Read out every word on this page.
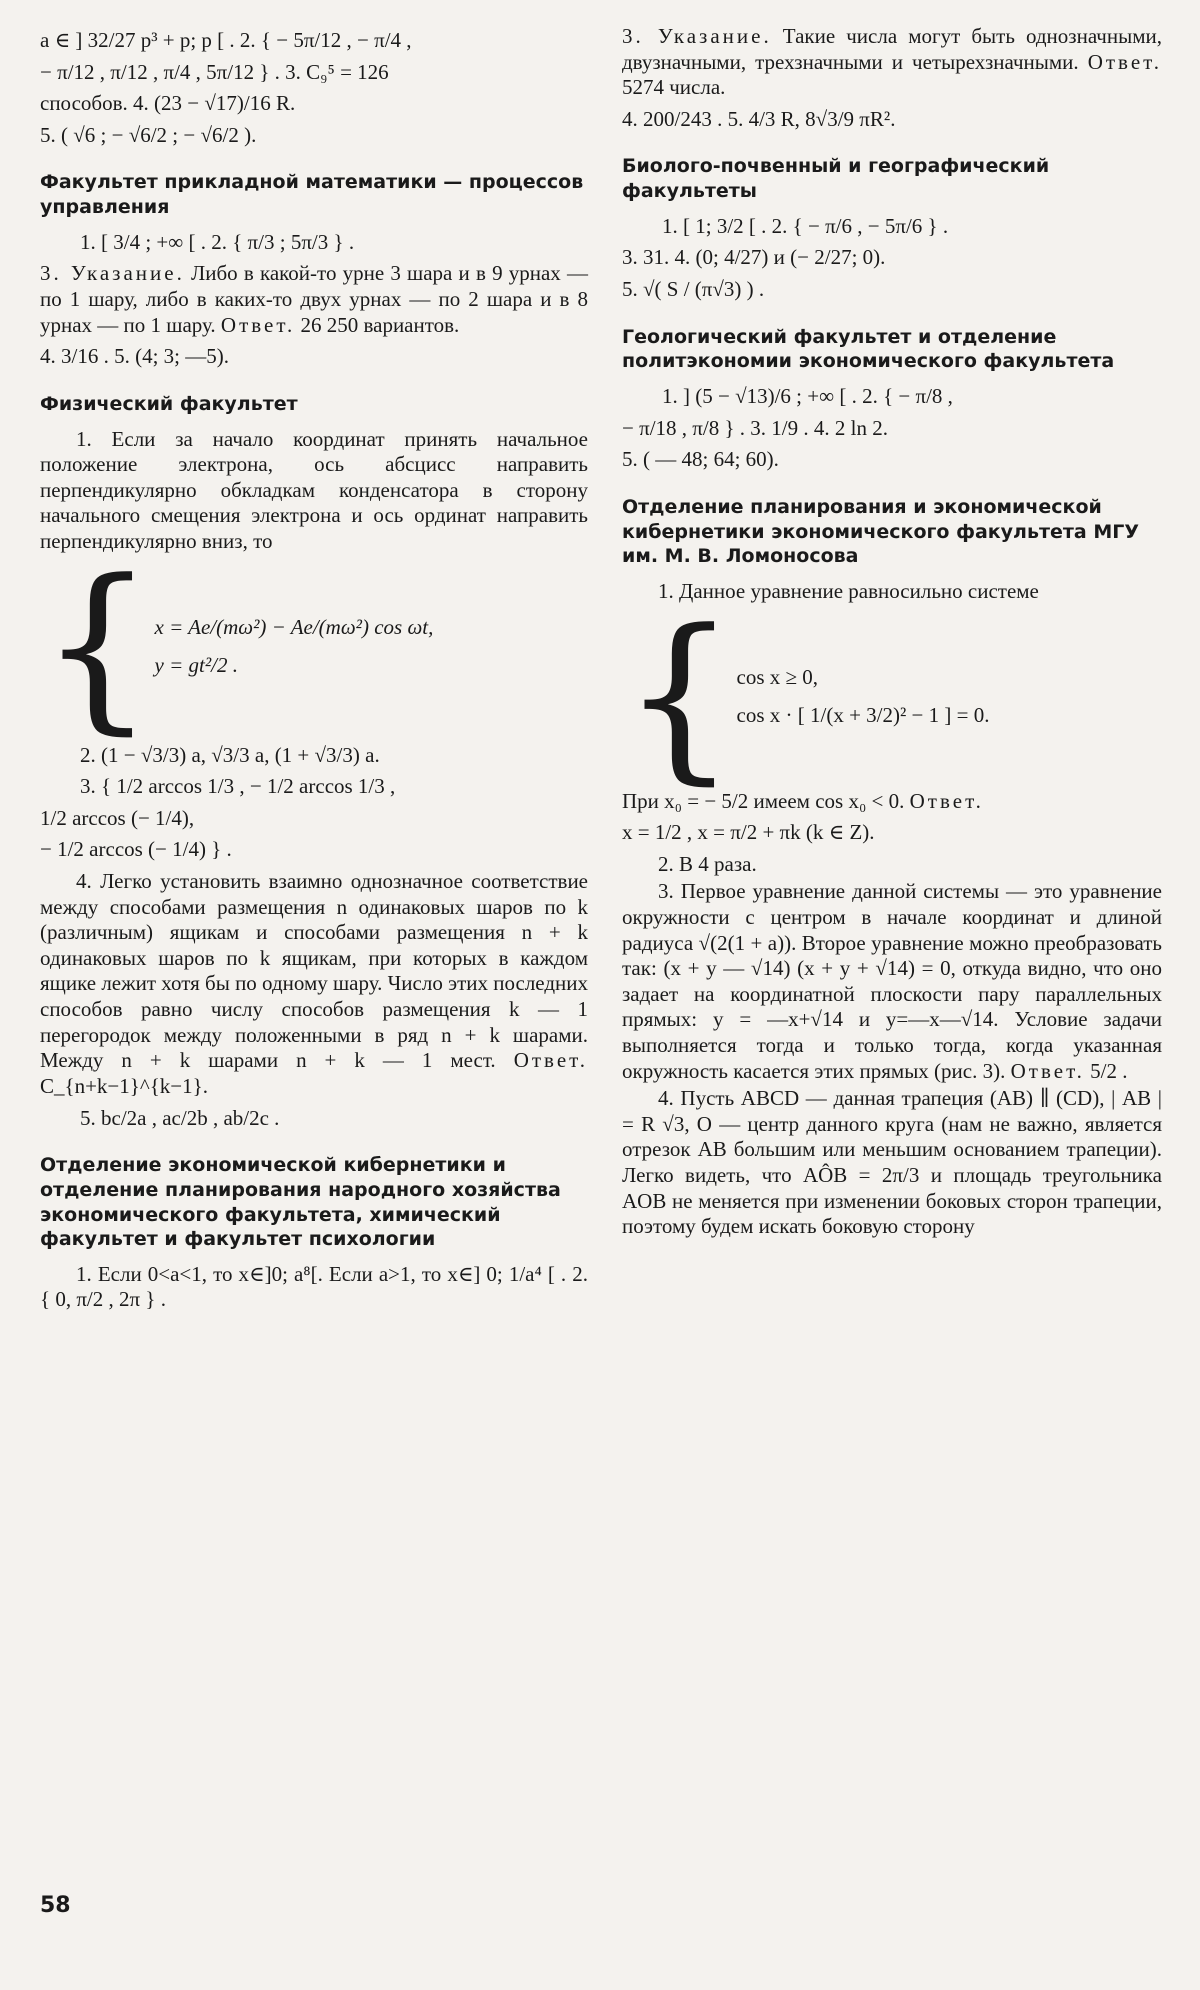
a ∈ ] 32/27 p³ + p; p [ . 2. { − 5π/12 , − π/4 ,
− π/12 , π/12 , π/4 , 5π/12 } . 3. C₉⁵ = 126
способов. 4. (23 − √17)/16 R.
5. ( √6 ; − √6/2 ; − √6/2 ).
Факультет прикладной математики — процессов управления
1. [ 3/4 ; +∞ [ . 2. { π/3 ; 5π/3 } .
3. Указание. Либо в какой-то урне 3 шара и в 9 урнах — по 1 шару, либо в каких-то двух урнах — по 2 шара и в 8 урнах — по 1 шару. Ответ. 26 250 вариантов.
4. 3/16 . 5. (4; 3; —5).
Физический факультет
1. Если за начало координат принять начальное положение электрона, ось абсцисс направить перпендикулярно обкладкам конденсатора в сторону начального смещения электрона и ось ординат направить перпендикулярно вниз, то
{ x = Ae/(mω²) − Ae/(mω²) cos ωt,
y = gt²/2 .
2. (1 − √3/3) a, √3/3 a, (1 + √3/3) a.
3. { 1/2 arccos 1/3 , − 1/2 arccos 1/3 ,
1/2 arccos (− 1/4),
− 1/2 arccos (− 1/4) } .
4. Легко установить взаимно однозначное соответствие между способами размещения n одинаковых шаров по k (различным) ящикам и способами размещения n + k одинаковых шаров по k ящикам, при которых в каждом ящике лежит хотя бы по одному шару. Число этих последних способов равно числу способов размещения k — 1 перегородок между положенными в ряд n + k шарами. Между n + k шарами n + k — 1 мест. Ответ. C_{n+k−1}^{k−1}.
5. bc/2a , ac/2b , ab/2c .
Отделение экономической кибернетики и отделение планирования народного хозяйства экономического факультета, химический факультет и факультет психологии
1. Если 0<a<1, то x∈]0; a⁸[. Если a>1, то x∈] 0; 1/a⁴ [ . 2. { 0, π/2 , 2π } .
3. Указание. Такие числа могут быть однозначными, двузначными, трехзначными и четырехзначными. Ответ. 5274 числа.
4. 200/243 . 5. 4/3 R, 8√3/9 πR².
Биолого-почвенный и географический факультеты
1. [ 1; 3/2 [ . 2. { − π/6 , − 5π/6 } .
3. 31. 4. (0; 4/27) и (− 2/27; 0).
5. √( S / (π√3) ) .
Геологический факультет и отделение политэкономии экономического факультета
1. ] (5 − √13)/6 ; +∞ [ . 2. { − π/8 ,
− π/18 , π/8 } . 3. 1/9 . 4. 2 ln 2.
5. ( — 48; 64; 60).
Отделение планирования и экономической кибернетики экономического факультета МГУ им. М. В. Ломоносова
1. Данное уравнение равносильно системе
{ cos x ≥ 0,
cos x · [ 1/(x + 3/2)² − 1 ] = 0.
При x₀ = − 5/2 имеем cos x₀ < 0. Ответ.
x = 1/2 , x = π/2 + πk (k ∈ Z).
2. В 4 раза.
3. Первое уравнение данной системы — это уравнение окружности с центром в начале координат и длиной радиуса √(2(1 + a)). Второе уравнение можно преобразовать так: (x + y — √14) (x + y + √14) = 0, откуда видно, что оно задает на координатной плоскости пару параллельных прямых: y = —x+√14 и y=—x—√14. Условие задачи выполняется тогда и только тогда, когда указанная окружность касается этих прямых (рис. 3). Ответ. 5/2 .
4. Пусть ABCD — данная трапеция (AB) ∥ (CD), | AB | = R √3, O — центр данного круга (нам не важно, является отрезок AB большим или меньшим основанием трапеции). Легко видеть, что AÔB = 2π/3 и площадь треугольника AOB не меняется при изменении боковых сторон трапеции, поэтому будем искать боковую сторону
58
